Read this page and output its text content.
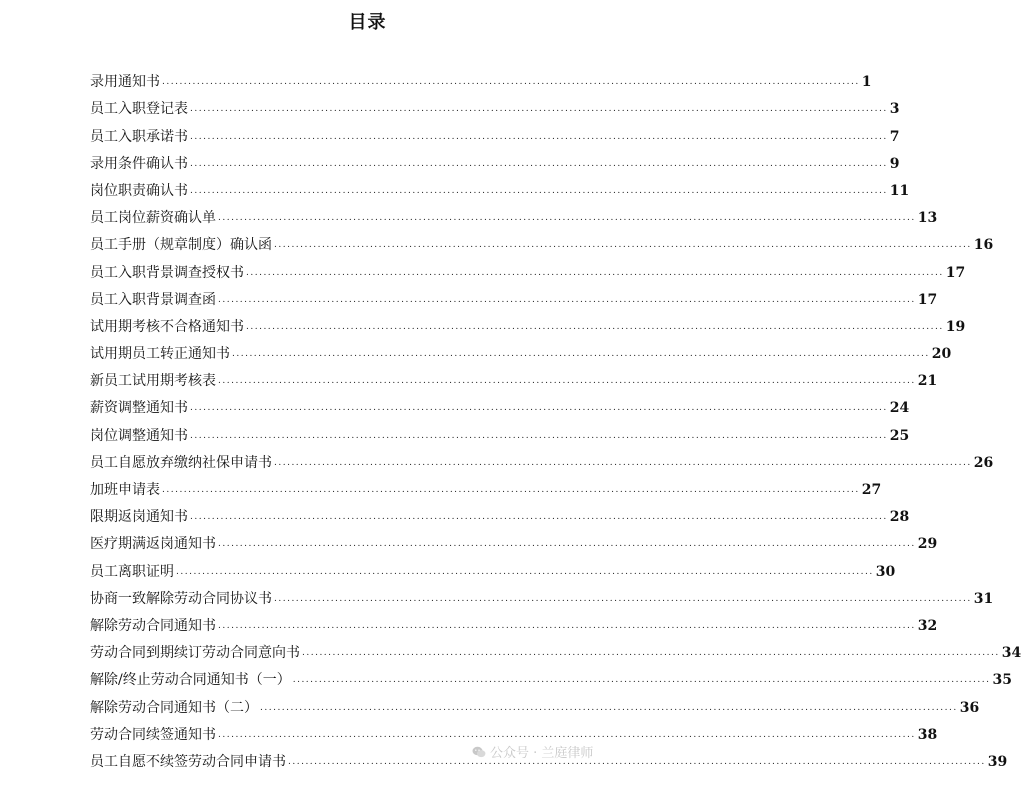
目录
录用通知书 ................................................................................................................................................................ 1
员工入职登记表 ................................................................................................................................................................ 3
员工入职承诺书 ................................................................................................................................................................ 7
录用条件确认书 ................................................................................................................................................................ 9
岗位职责确认书 ................................................................................................................................................................ 11
员工岗位薪资确认单 ................................................................................................................................................................ 13
员工手册（规章制度）确认函 ................................................................................................................................................................ 16
员工入职背景调查授权书 ................................................................................................................................................................ 17
员工入职背景调查函 ................................................................................................................................................................ 17
试用期考核不合格通知书 ................................................................................................................................................................ 19
试用期员工转正通知书 ................................................................................................................................................................ 20
新员工试用期考核表 ................................................................................................................................................................ 21
薪资调整通知书 ................................................................................................................................................................ 24
岗位调整通知书 ................................................................................................................................................................ 25
员工自愿放弃缴纳社保申请书 ................................................................................................................................................................ 26
加班申请表 ................................................................................................................................................................ 27
限期返岗通知书 ................................................................................................................................................................ 28
医疗期满返岗通知书 ................................................................................................................................................................ 29
员工离职证明 ................................................................................................................................................................ 30
协商一致解除劳动合同协议书 ................................................................................................................................................................ 31
解除劳动合同通知书 ................................................................................................................................................................ 32
劳动合同到期续订劳动合同意向书 ................................................................................................................................................................ 34
解除/终止劳动合同通知书（一） ................................................................................................................................................................ 35
解除劳动合同通知书（二） ................................................................................................................................................................ 36
劳动合同续签通知书 ................................................................................................................................................................ 38
员工自愿不续签劳动合同申请书 ................................................................................................................................................................ 39
公众号 · 兰庭律师
